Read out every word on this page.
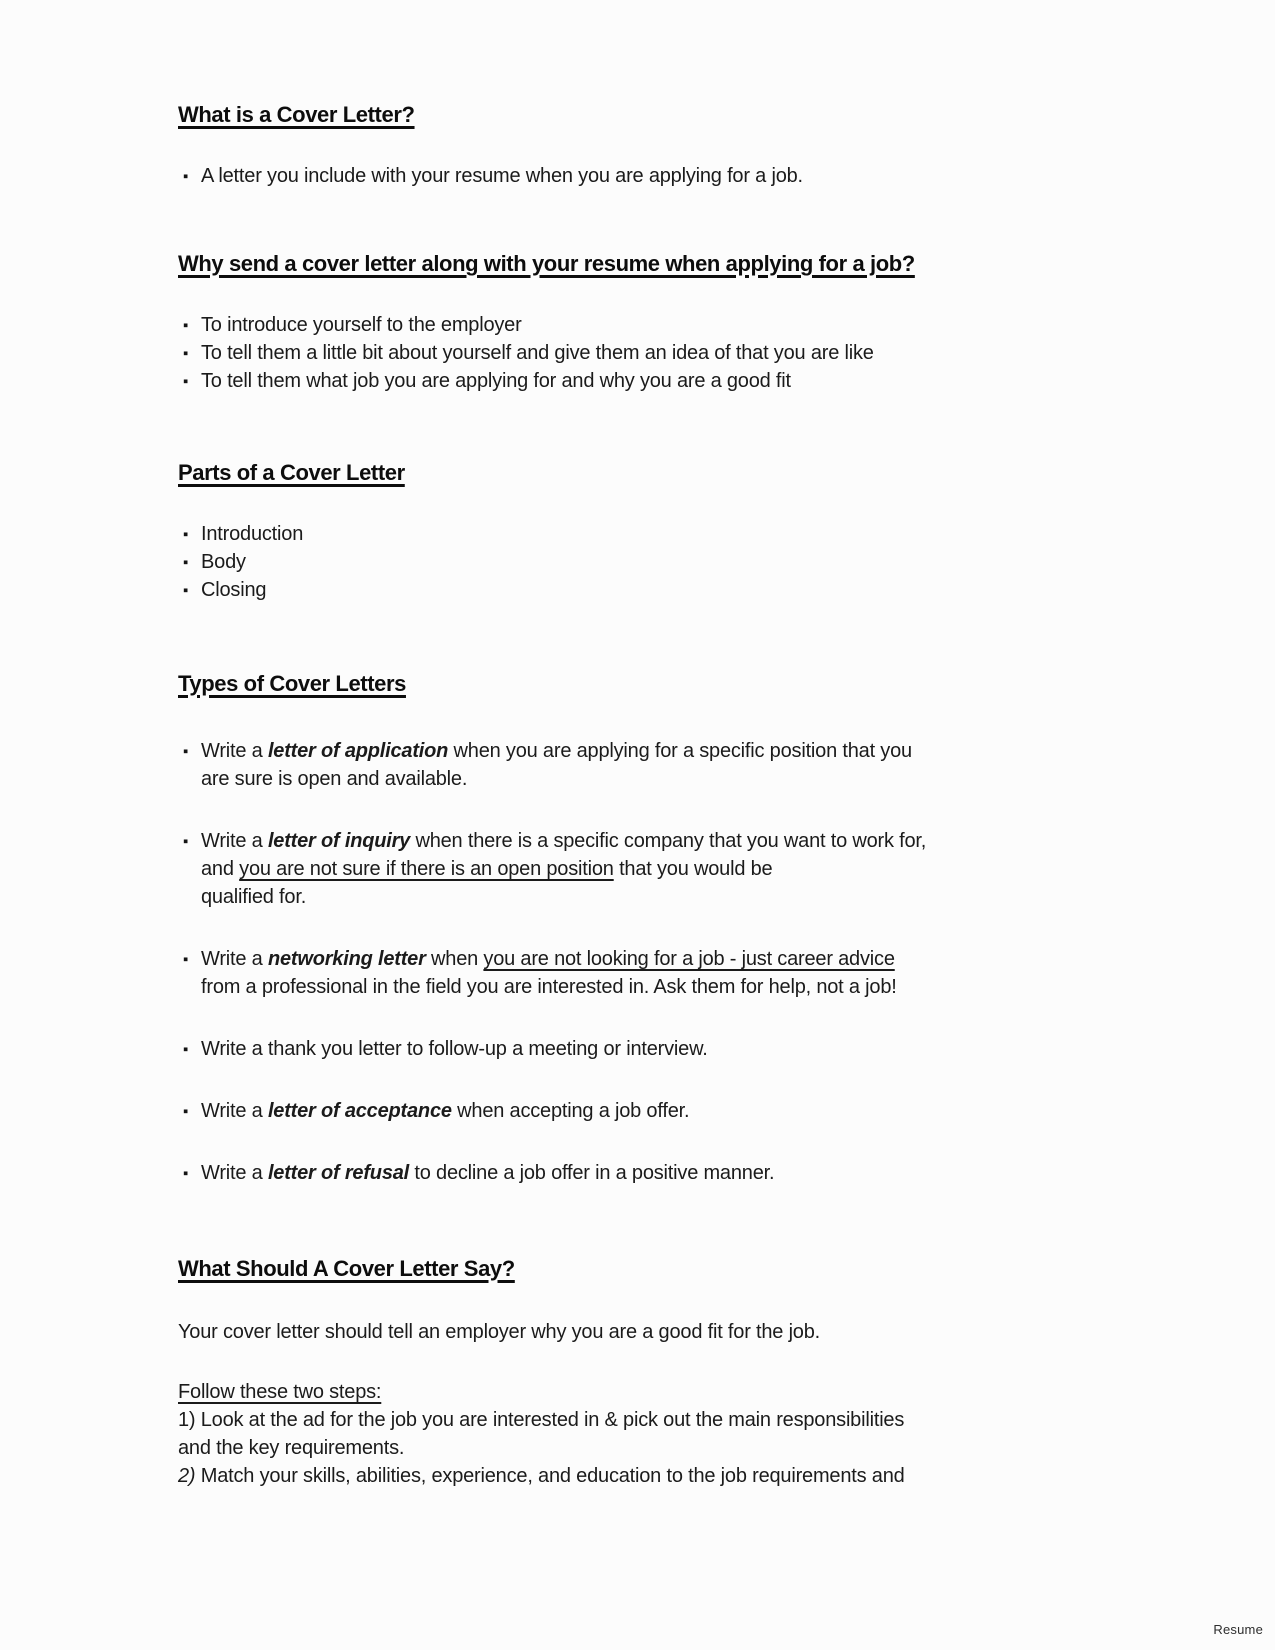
What is a Cover Letter?
▪ A letter you include with your resume when you are applying for a job.
Why send a cover letter along with your resume when applying for a job?
▪ To introduce yourself to the employer
▪ To tell them a little bit about yourself and give them an idea of that you are like
▪ To tell them what job you are applying for and why you are a good fit
Parts of a Cover Letter
▪ Introduction
▪ Body
▪ Closing
Types of Cover Letters
▪ Write a letter of application when you are applying for a specific position that you
are sure is open and available.
▪ Write a letter of inquiry when there is a specific company that you want to work for,
and you are not sure if there is an open position that you would be
qualified for.
▪ Write a networking letter when you are not looking for a job - just career advice
from a professional in the field you are interested in. Ask them for help, not a job!
▪ Write a thank you letter to follow-up a meeting or interview.
▪ Write a letter of acceptance when accepting a job offer.
▪ Write a letter of refusal to decline a job offer in a positive manner.
What Should A Cover Letter Say?

Your cover letter should tell an employer why you are a good fit for the job.

Follow these two steps:

1) Look at the ad for the job you are interested in & pick out the main responsibilities
and the key requirements.
2) Match your skills, abilities, experience, and education to the job requirements and
Resume
